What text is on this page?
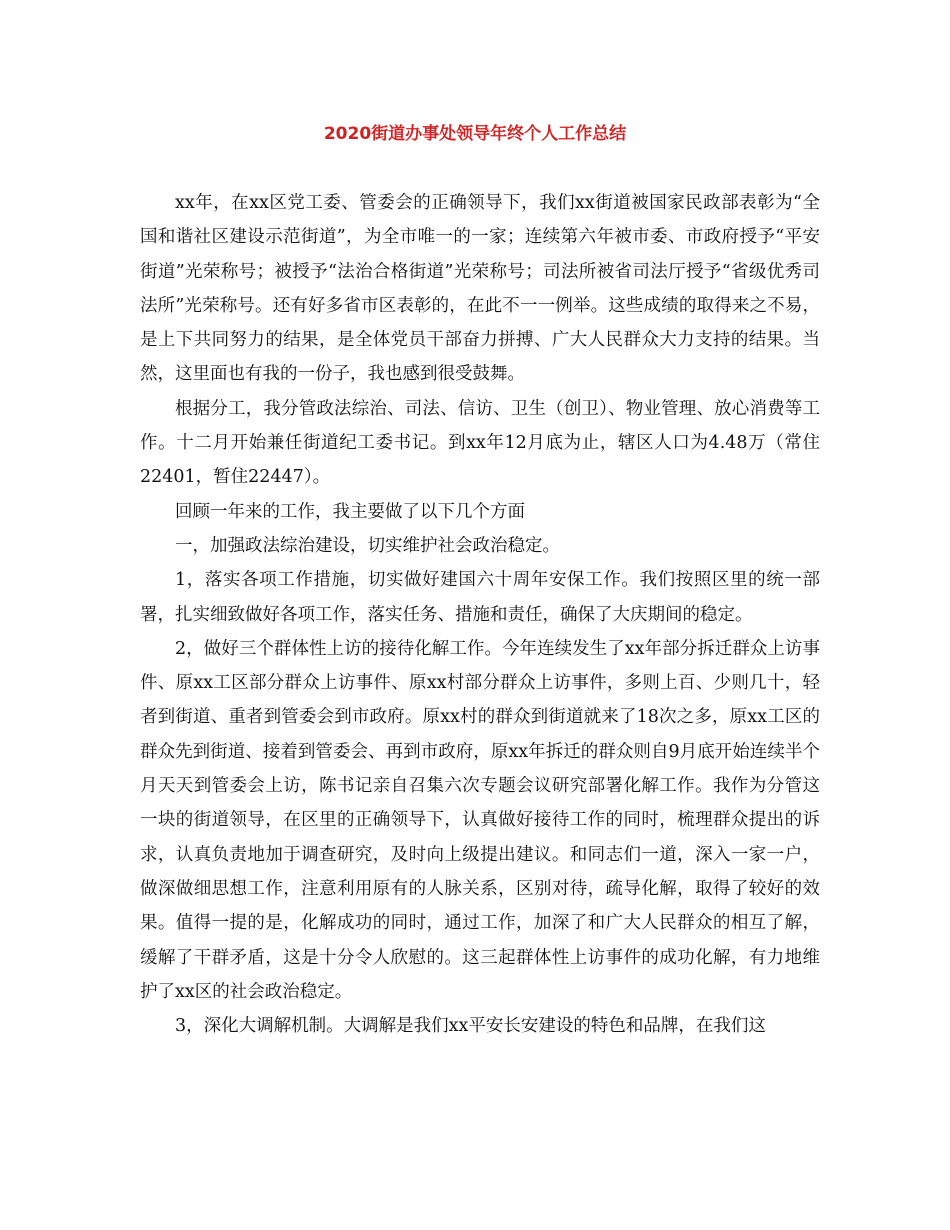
2020街道办事处领导年终个人工作总结

xx年，在xx区党工委、管委会的正确领导下，我们xx街道被国家民政部表彰为“全国和谐社区建设示范街道”，为全市唯一的一家；连续第六年被市委、市政府授予“平安街道”光荣称号；被授予“法治合格街道”光荣称号；司法所被省司法厅授予“省级优秀司法所”光荣称号。还有好多省市区表彰的，在此不一一例举。这些成绩的取得来之不易，是上下共同努力的结果，是全体党员干部奋力拼搏、广大人民群众大力支持的结果。当然，这里面也有我的一份子，我也感到很受鼓舞。

根据分工，我分管政法综治、司法、信访、卫生（创卫）、物业管理、放心消费等工作。十二月开始兼任街道纪工委书记。到xx年12月底为止，辖区人口为4.48万（常住22401，暂住22447）。

回顾一年来的工作，我主要做了以下几个方面

一，加强政法综治建设，切实维护社会政治稳定。

1，落实各项工作措施，切实做好建国六十周年安保工作。我们按照区里的统一部署，扎实细致做好各项工作，落实任务、措施和责任，确保了大庆期间的稳定。

2，做好三个群体性上访的接待化解工作。今年连续发生了xx年部分拆迁群众上访事件、原xx工区部分群众上访事件、原xx村部分群众上访事件，多则上百、少则几十，轻者到街道、重者到管委会到市政府。原xx村的群众到街道就来了18次之多，原xx工区的群众先到街道、接着到管委会、再到市政府，原xx年拆迁的群众则自9月底开始连续半个月天天到管委会上访，陈书记亲自召集六次专题会议研究部署化解工作。我作为分管这一块的街道领导，在区里的正确领导下，认真做好接待工作的同时，梳理群众提出的诉求，认真负责地加于调查研究，及时向上级提出建议。和同志们一道，深入一家一户，做深做细思想工作，注意利用原有的人脉关系，区别对待，疏导化解，取得了较好的效果。值得一提的是，化解成功的同时，通过工作，加深了和广大人民群众的相互了解，缓解了干群矛盾，这是十分令人欣慰的。这三起群体性上访事件的成功化解，有力地维护了xx区的社会政治稳定。

3，深化大调解机制。大调解是我们xx平安长安建设的特色和品牌，在我们这
